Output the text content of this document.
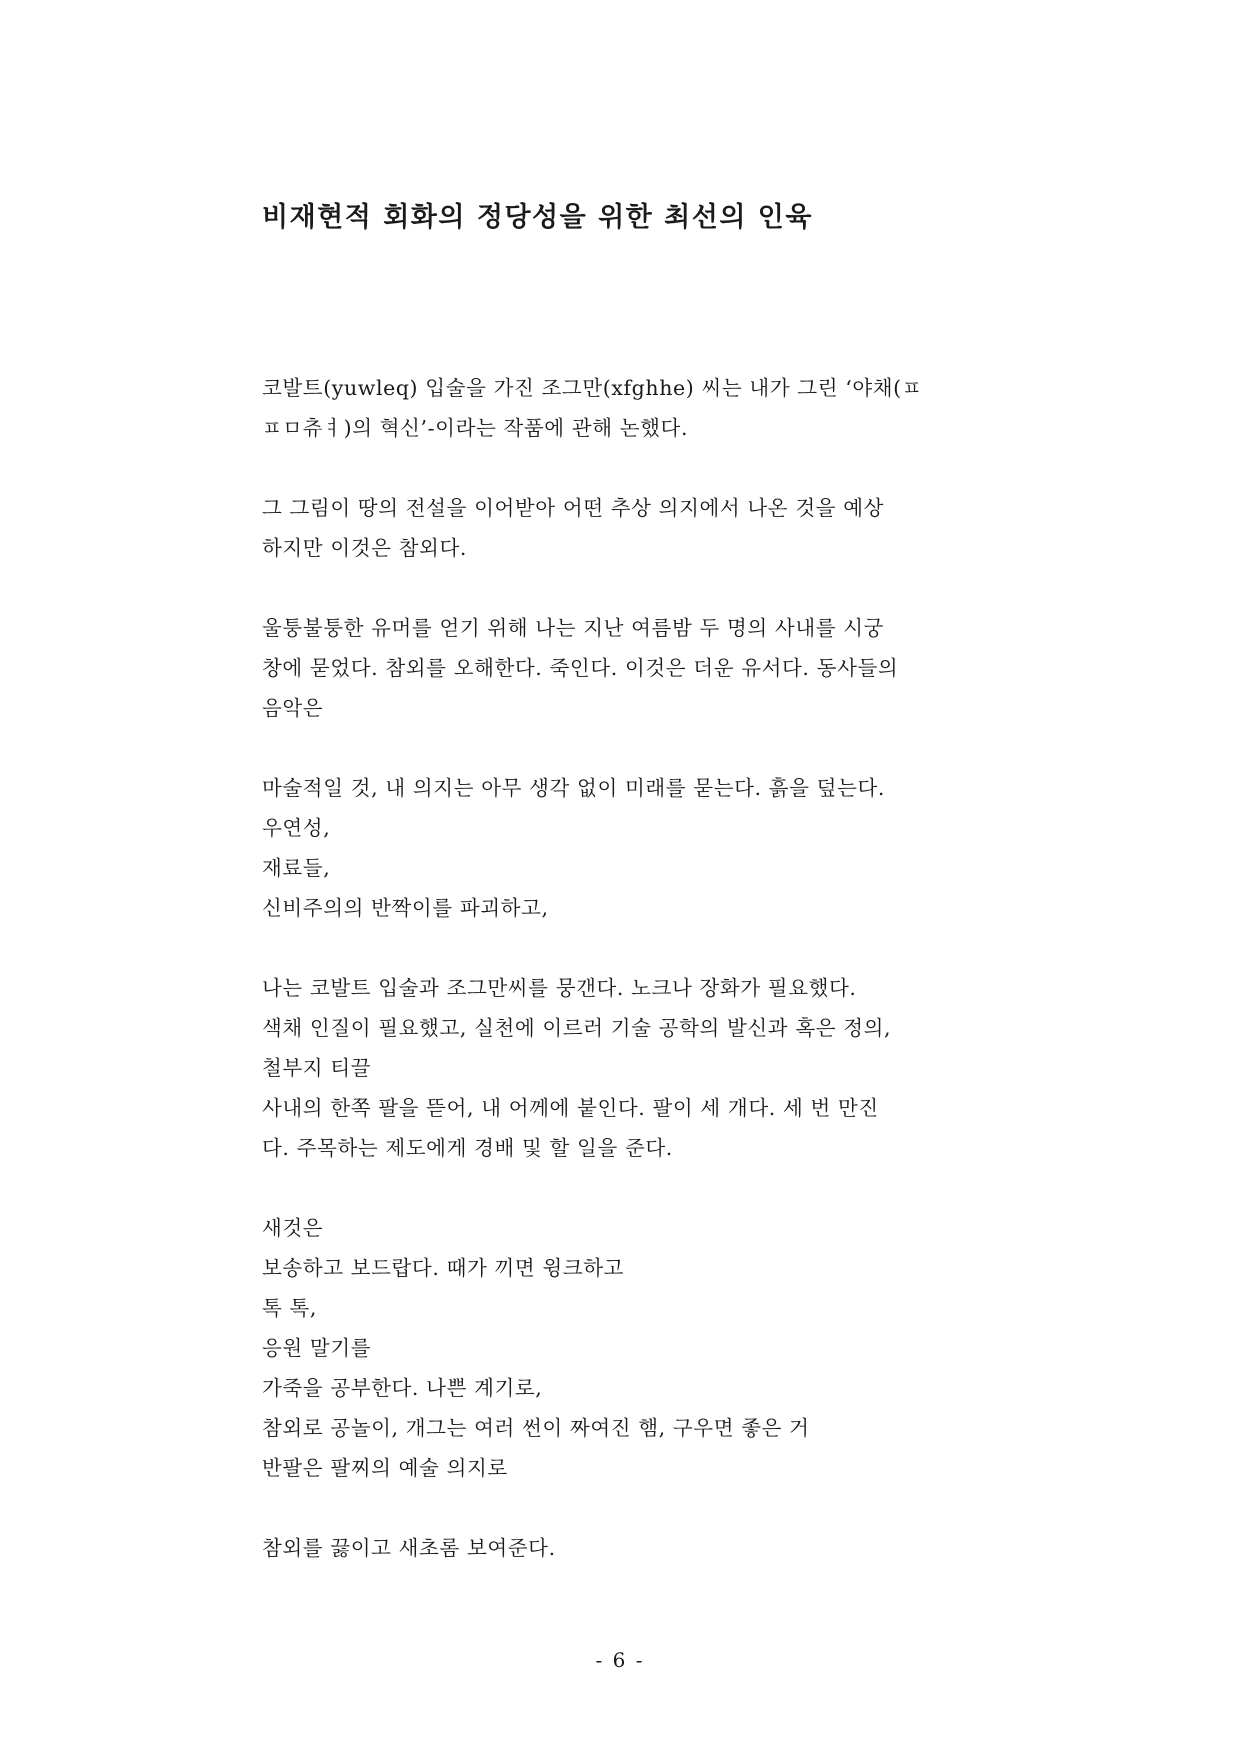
비재현적 회화의 정당성을 위한 최선의 인육
코발트(yuwleq) 입술을 가진 조그만(xfghhe) 씨는 내가 그린 ‘야채(ㅍ
ㅍㅁ츄ㅕ)의 혁신’-이라는 작품에 관해 논했다.
그 그림이 땅의 전설을 이어받아 어떤 추상 의지에서 나온 것을 예상
하지만 이것은 참외다.
울퉁불퉁한 유머를 얻기 위해 나는 지난 여름밤 두 명의 사내를 시궁
창에 묻었다. 참외를 오해한다. 죽인다. 이것은 더운 유서다. 동사들의
음악은
마술적일 것, 내 의지는 아무 생각 없이 미래를 묻는다. 흙을 덮는다.
우연성,
재료들,
신비주의의 반짝이를 파괴하고,
나는 코발트 입술과 조그만씨를 뭉갠다. 노크나 장화가 필요했다.
색채 인질이 필요했고, 실천에 이르러 기술 공학의 발신과 혹은 정의,
철부지 티끌
사내의 한쪽 팔을 뜯어, 내 어께에 붙인다. 팔이 세 개다. 세 번 만진
다. 주목하는 제도에게 경배 및 할 일을 준다.
새것은
보송하고 보드랍다. 때가 끼면 윙크하고
톡 톡,
응원 말기를
가죽을 공부한다. 나쁜 계기로,
참외로 공놀이, 개그는 여러 썬이 짜여진 햄, 구우면 좋은 거
반팔은 팔찌의 예술 의지로
참외를 끓이고 새초롬 보여준다.
- 6 -
